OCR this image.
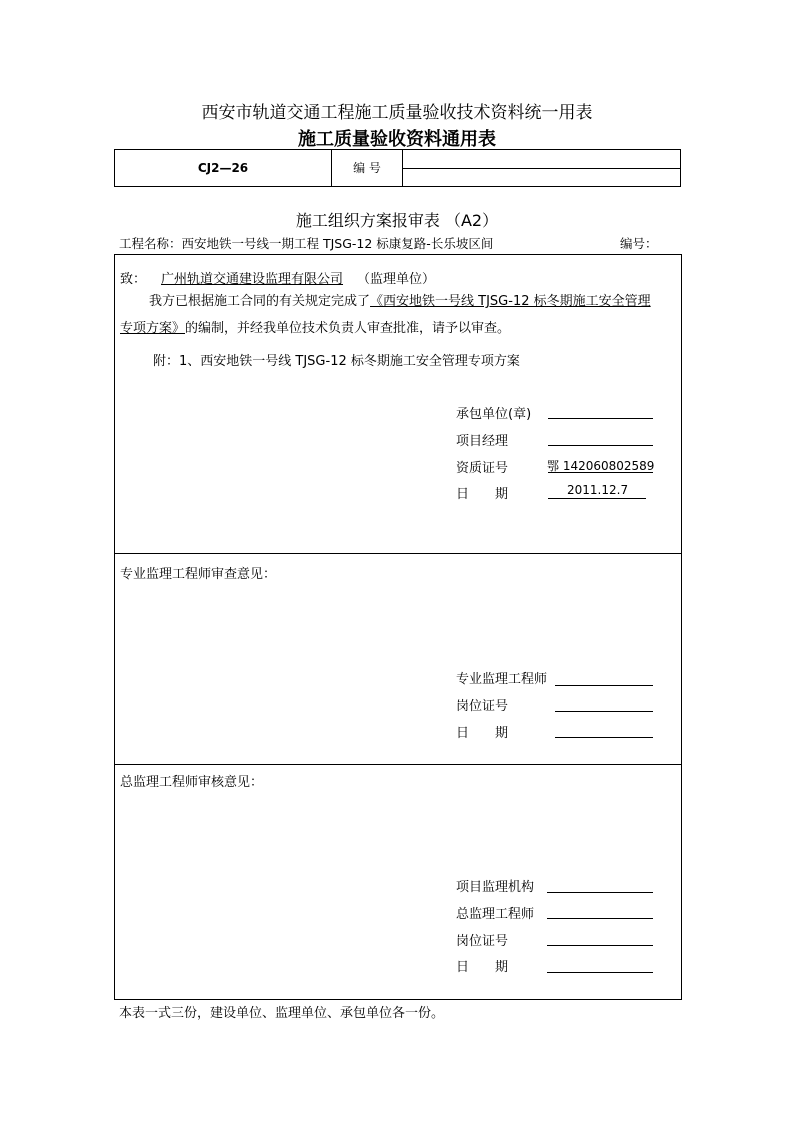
西安市轨道交通工程施工质量验收技术资料统一用表
施工质量验收资料通用表
CJ2—26	编 号
施工组织方案报审表 （A2）
工程名称：西安地铁一号线一期工程 TJSG-12 标康复路-长乐坡区间	编号：
致： 广州轨道交通建设监理有限公司 （监理单位）
我方已根据施工合同的有关规定完成了《西安地铁一号线 TJSG-12 标冬期施工安全管理
专项方案》的编制，并经我单位技术负责人审查批准，请予以审查。
附：1、西安地铁一号线 TJSG-12 标冬期施工安全管理专项方案
承包单位(章)
项目经理
资质证号	鄂 142060802589
日　　期	2011.12.7
专业监理工程师审查意见：
专业监理工程师
岗位证号
日　　期
总监理工程师审核意见：
项目监理机构
总监理工程师
岗位证号
日　　期
本表一式三份，建设单位、监理单位、承包单位各一份。
